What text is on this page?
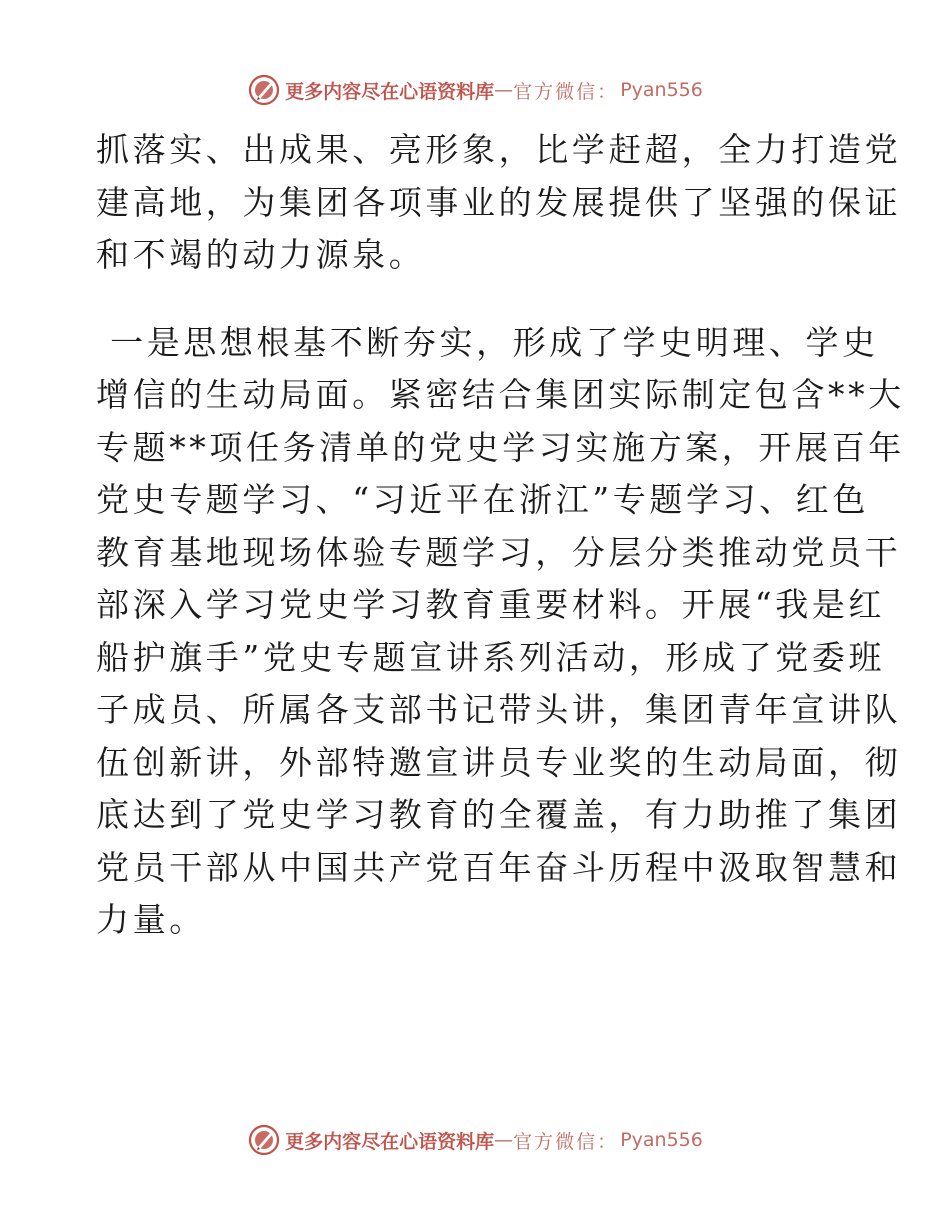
更多内容尽在心语资料库 — 官方微信： Pyan556

抓落实、出成果、亮形象，比学赶超，全力打造党
建高地，为集团各项事业的发展提供了坚强的保证
和不竭的动力源泉。

一是思想根基不断夯实，形成了学史明理、学史
增信的生动局面。紧密结合集团实际制定包含**大
专题**项任务清单的党史学习实施方案，开展百年
党史专题学习、“习近平在浙江”专题学习、红色
教育基地现场体验专题学习，分层分类推动党员干
部深入学习党史学习教育重要材料。开展“我是红
船护旗手”党史专题宣讲系列活动，形成了党委班
子成员、所属各支部书记带头讲，集团青年宣讲队
伍创新讲，外部特邀宣讲员专业奖的生动局面，彻
底达到了党史学习教育的全覆盖，有力助推了集团
党员干部从中国共产党百年奋斗历程中汲取智慧和
力量。

更多内容尽在心语资料库 — 官方微信： Pyan556
